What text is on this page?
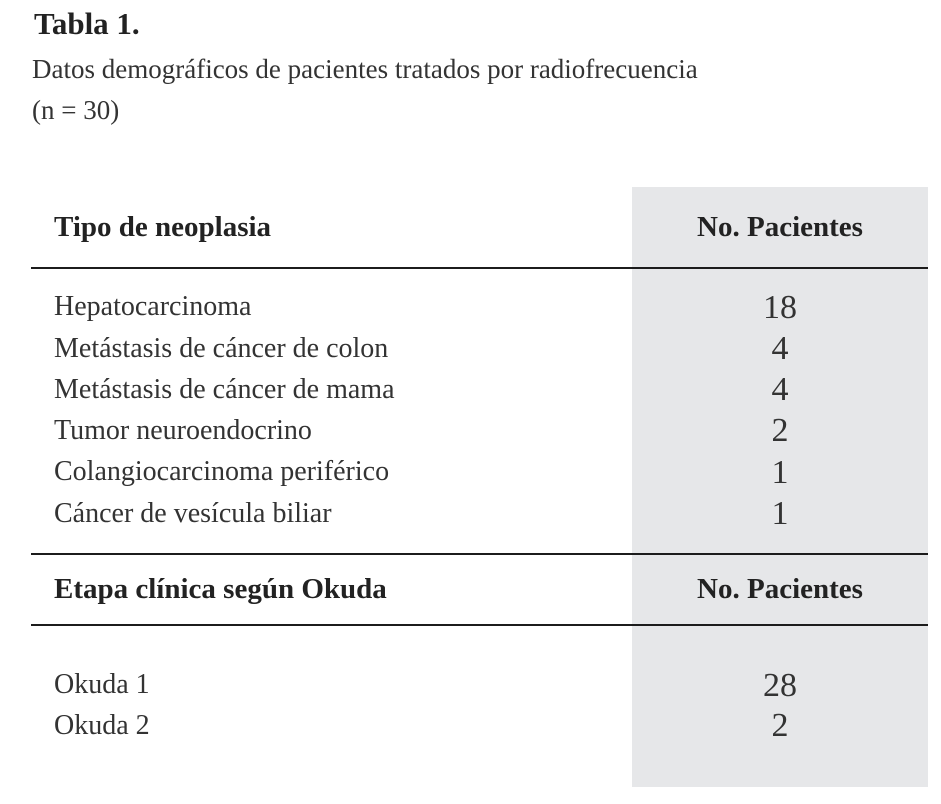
Tabla 1.
Datos demográficos de pacientes tratados por radiofrecuencia
(n = 30)
Tipo de neoplasia	No. Pacientes
Hepatocarcinoma	18
Metástasis de cáncer de colon	4
Metástasis de cáncer de mama	4
Tumor neuroendocrino	2
Colangiocarcinoma periférico	1
Cáncer de vesícula biliar	1
Etapa clínica según Okuda	No. Pacientes
Okuda 1	28
Okuda 2	2
